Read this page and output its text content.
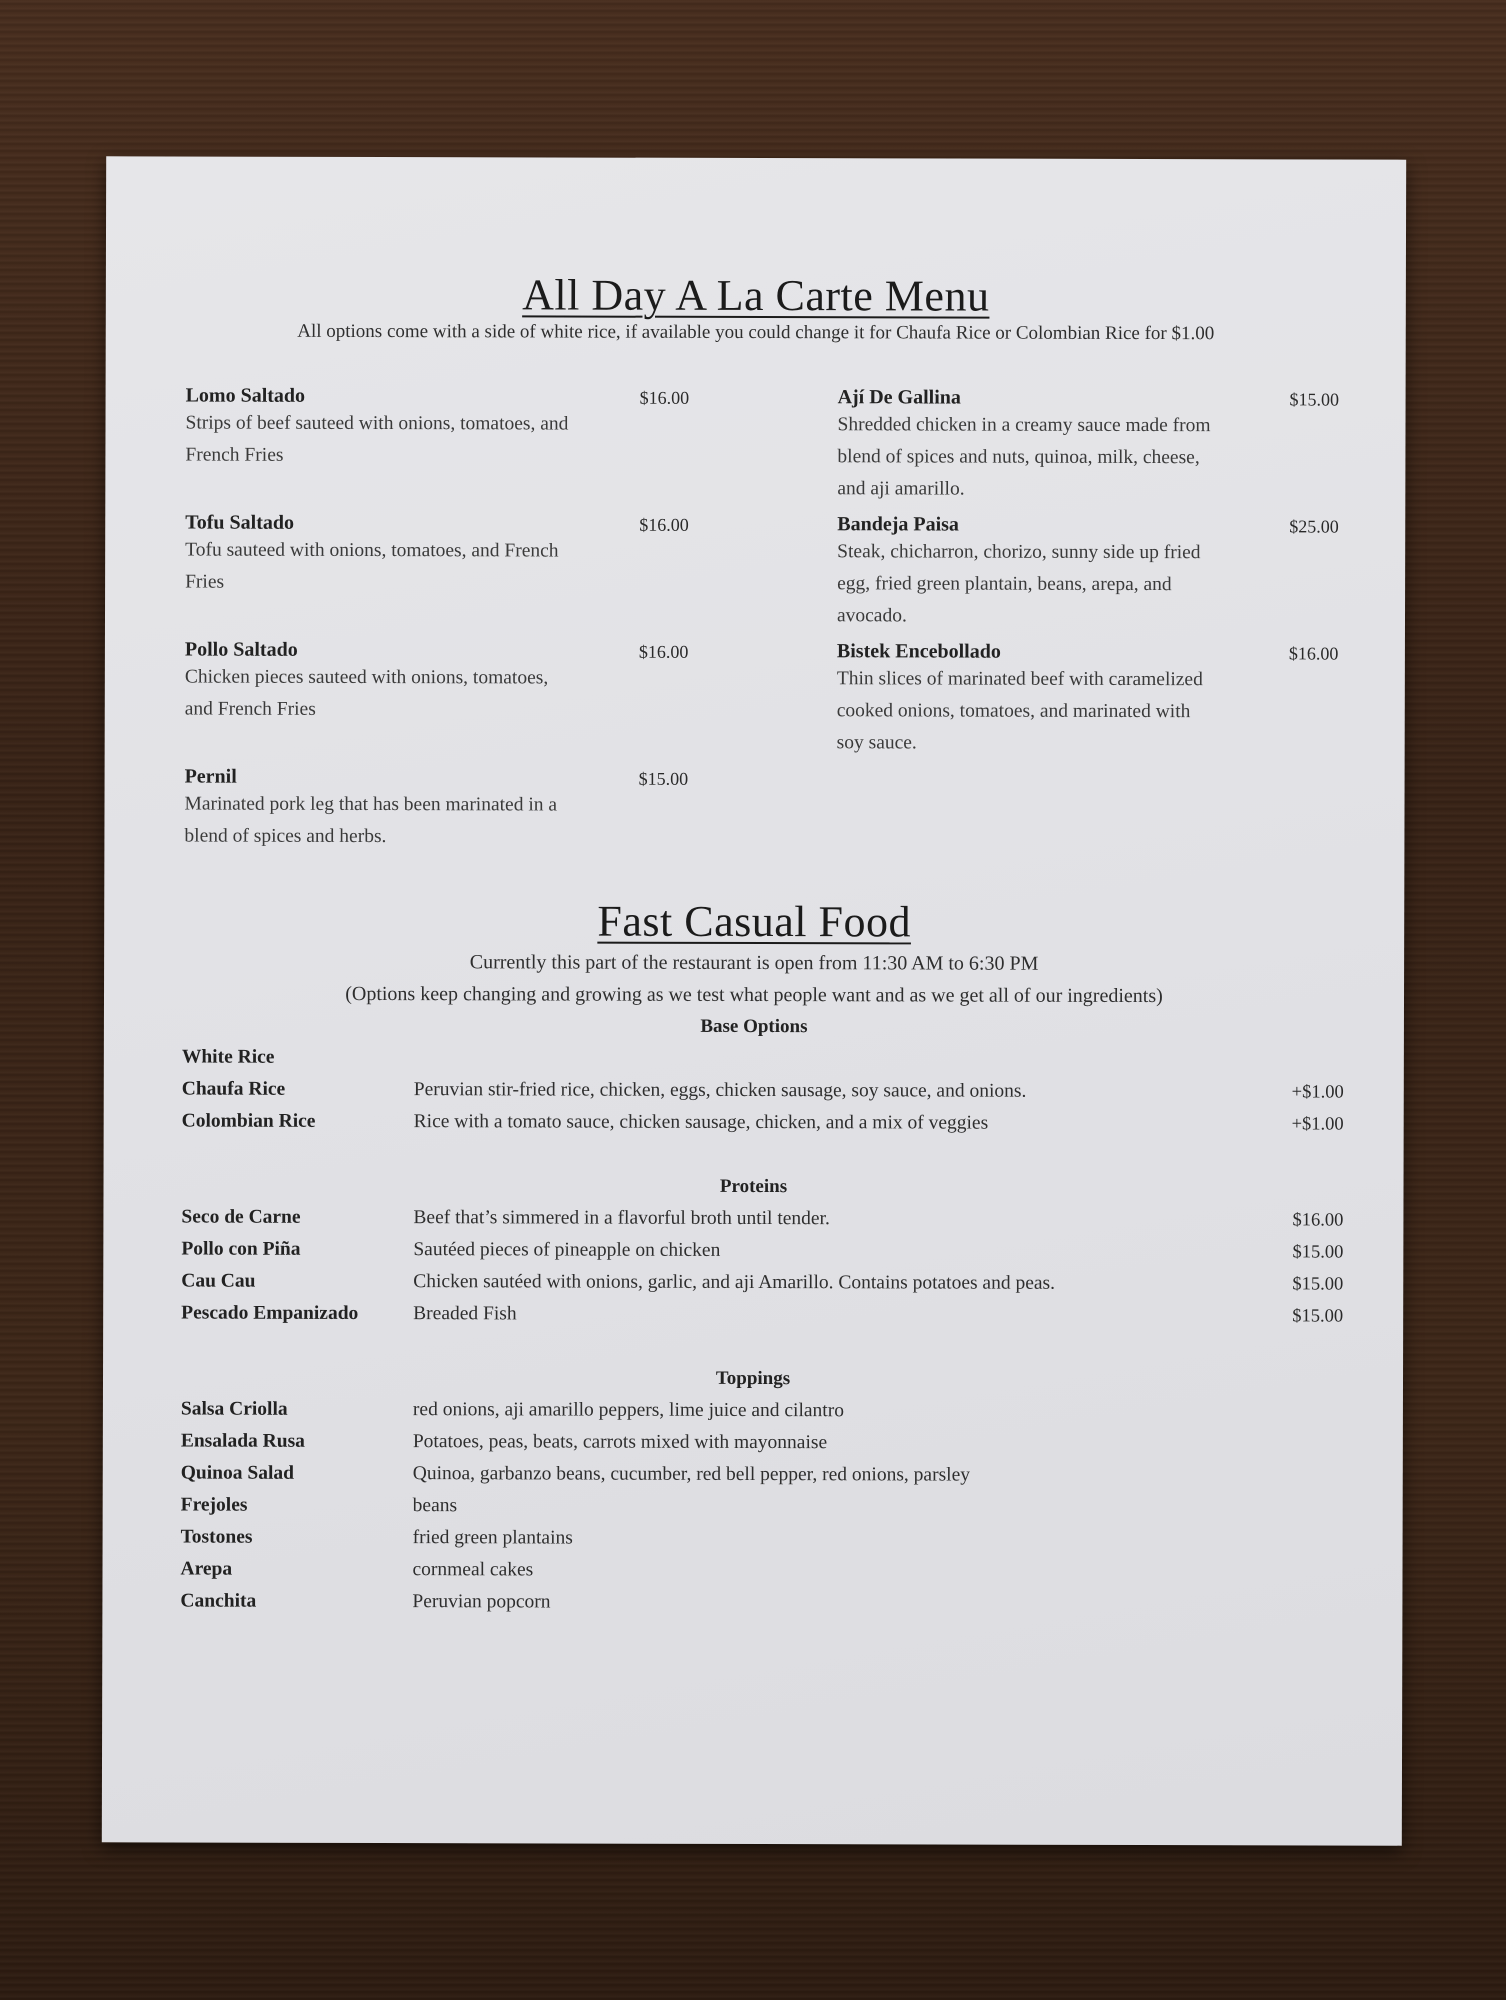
All Day A La Carte Menu
All options come with a side of white rice, if available you could change it for Chaufa Rice or Colombian Rice for $1.00
Lomo Saltado	$16.00
Strips of beef sauteed with onions, tomatoes, and
French Fries
Tofu Saltado	$16.00
Tofu sauteed with onions, tomatoes, and French
Fries
Pollo Saltado	$16.00
Chicken pieces sauteed with onions, tomatoes,
and French Fries
Pernil	$15.00
Marinated pork leg that has been marinated in a
blend of spices and herbs.
Ají De Gallina	$15.00
Shredded chicken in a creamy sauce made from
blend of spices and nuts, quinoa, milk, cheese,
and aji amarillo.
Bandeja Paisa	$25.00
Steak, chicharron, chorizo, sunny side up fried
egg, fried green plantain, beans, arepa, and
avocado.
Bistek Encebollado	$16.00
Thin slices of marinated beef with caramelized
cooked onions, tomatoes, and marinated with
soy sauce.
Fast Casual Food
Currently this part of the restaurant is open from 11:30 AM to 6:30 PM
(Options keep changing and growing as we test what people want and as we get all of our ingredients)
Base Options
White Rice
Chaufa Rice	Peruvian stir-fried rice, chicken, eggs, chicken sausage, soy sauce, and onions.	+$1.00
Colombian Rice	Rice with a tomato sauce, chicken sausage, chicken, and a mix of veggies	+$1.00
Proteins
Seco de Carne	Beef that’s simmered in a flavorful broth until tender.	$16.00
Pollo con Piña	Sautéed pieces of pineapple on chicken	$15.00
Cau Cau	Chicken sautéed with onions, garlic, and aji Amarillo. Contains potatoes and peas.	$15.00
Pescado Empanizado	Breaded Fish	$15.00
Toppings
Salsa Criolla	red onions, aji amarillo peppers, lime juice and cilantro
Ensalada Rusa	Potatoes, peas, beats, carrots mixed with mayonnaise
Quinoa Salad	Quinoa, garbanzo beans, cucumber, red bell pepper, red onions, parsley
Frejoles	beans
Tostones	fried green plantains
Arepa	cornmeal cakes
Canchita	Peruvian popcorn
